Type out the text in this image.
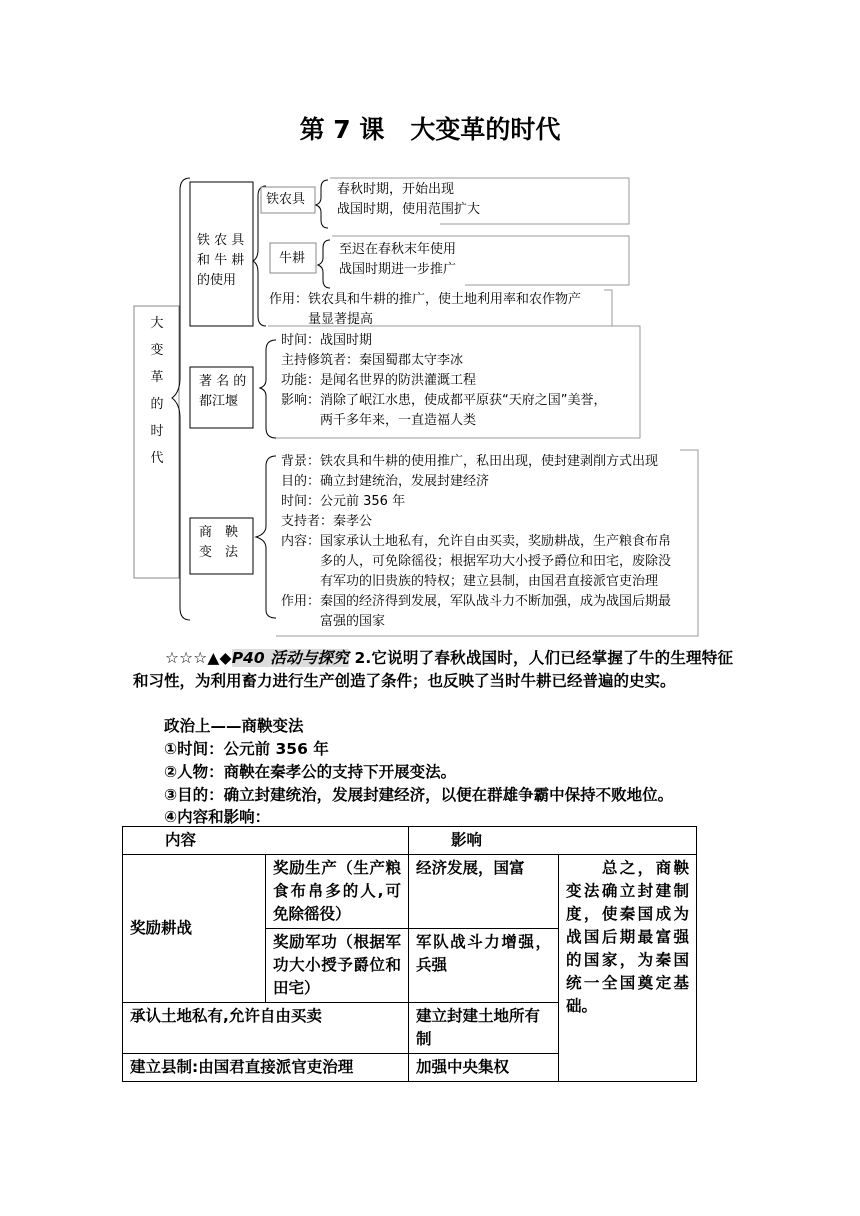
第 7 课 大变革的时代
大
变
革
的
时
代
铁 农 具
和 牛 耕
的使用
铁农具
春秋时期，开始出现
战国时期，使用范围扩大
牛耕
至迟在春秋末年使用
战国时期进一步推广
作用：铁农具和牛耕的推广，使土地利用率和农作物产
量显著提高
著 名 的
都江堰
时间：战国时期
主持修筑者：秦国蜀郡太守李冰
功能：是闻名世界的防洪灌溉工程
影响：消除了岷江水患，使成都平原获“天府之国”美誉，
两千多年来，一直造福人类
商　鞅
变　法
背景：铁农具和牛耕的使用推广，私田出现，使封建剥削方式出现
目的：确立封建统治，发展封建经济
时间：公元前 356 年
支持者：秦孝公
内容：国家承认土地私有，允许自由买卖，奖励耕战，生产粮食布帛
多的人，可免除徭役；根据军功大小授予爵位和田宅，废除没
有军功的旧贵族的特权；建立县制，由国君直接派官吏治理
作用：秦国的经济得到发展，军队战斗力不断加强，成为战国后期最
富强的国家
☆☆☆▲◆P40 活动与探究 2.它说明了春秋战国时，人们已经掌握了牛的生理特征和习性，为利用畜力进行生产创造了条件；也反映了当时牛耕已经普遍的史实。
政治上——商鞅变法
①时间：公元前 356 年
②人物：商鞅在秦孝公的支持下开展变法。
③目的：确立封建统治，发展封建经济，以便在群雄争霸中保持不败地位。
④内容和影响：
内容		影响	
奖励耕战	奖励生产（生产粮食布帛多的人,可免除徭役）	经济发展，国富	　　总之，商鞅变法确立封建制度，使秦国成为战国后期最富强的国家，为秦国统一全国奠定基础。
	奖励军功（根据军功大小授予爵位和田宅）	军队战斗力增强，兵强	
承认土地私有,允许自由买卖		建立封建土地所有制	
建立县制:由国君直接派官吏治理		加强中央集权	
